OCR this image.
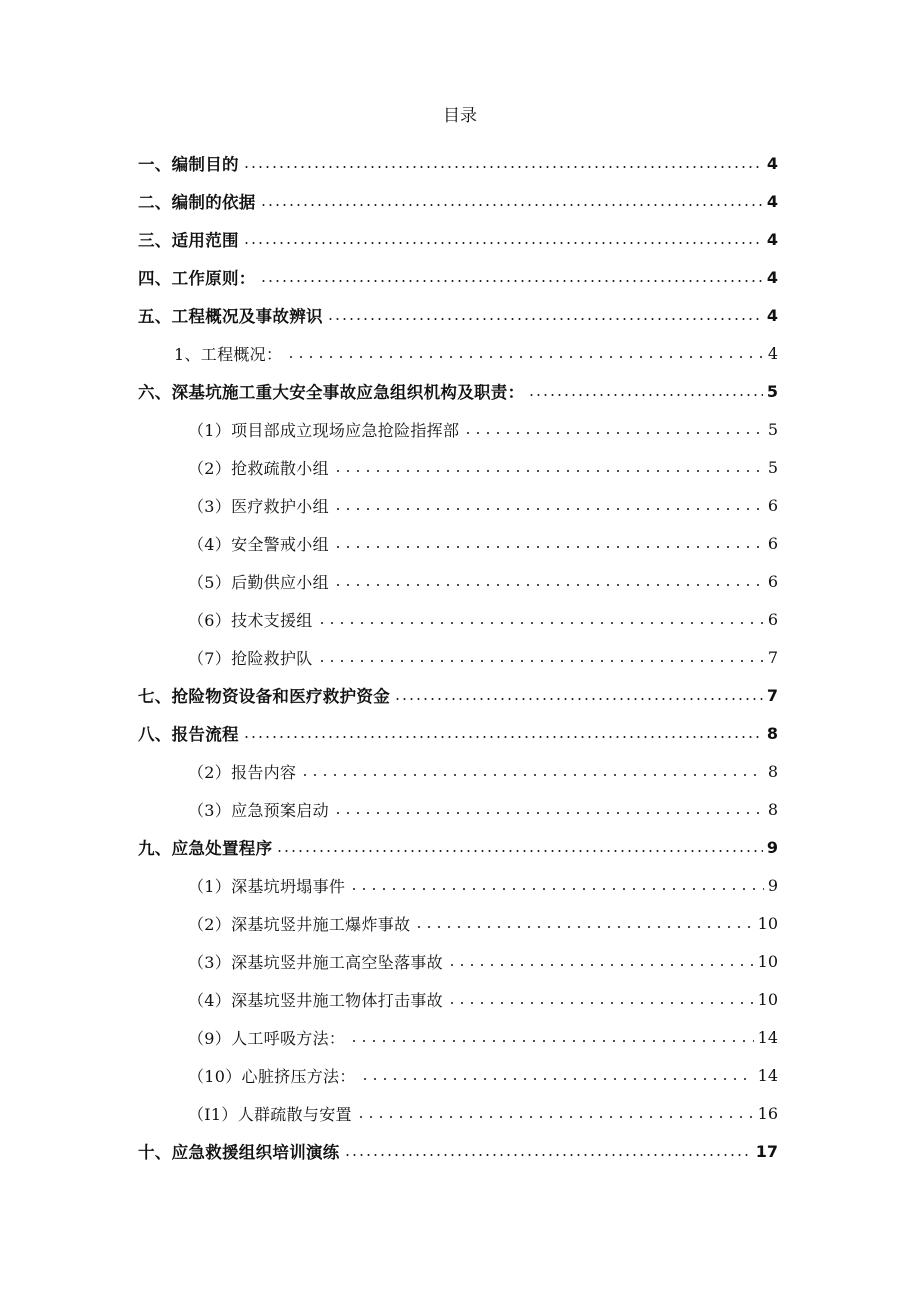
目录
一、编制目的	4
二、编制的依据	4
三、适用范围	4
四、工作原则：	4
五、工程概况及事故辨识	4
1、工程概况：	4
六、深基坑施工重大安全事故应急组织机构及职责：	5
（1）项目部成立现场应急抢险指挥部	5
（2）抢救疏散小组	5
（3）医疗救护小组	6
（4）安全警戒小组	6
（5）后勤供应小组	6
（6）技术支援组	6
（7）抢险救护队	7
七、抢险物资设备和医疗救护资金	7
八、报告流程	8
（2）报告内容	8
（3）应急预案启动	8
九、应急处置程序	9
（1）深基坑坍塌事件	9
（2）深基坑竖井施工爆炸事故	10
（3）深基坑竖井施工高空坠落事故	10
（4）深基坑竖井施工物体打击事故	10
（9）人工呼吸方法：	14
（10）心脏挤压方法：	14
（I1）人群疏散与安置	16
十、应急救援组织培训演练	17
